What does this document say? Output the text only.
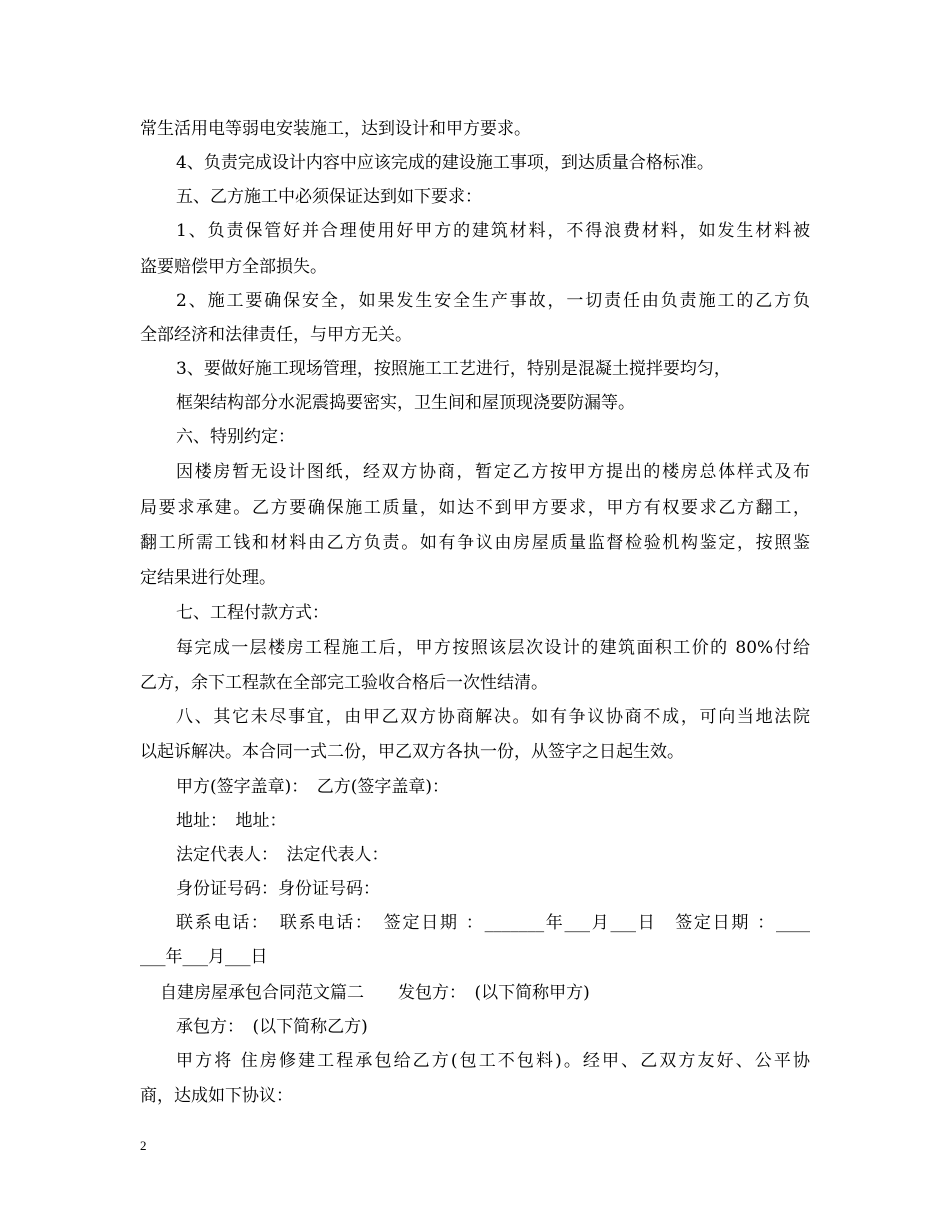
常生活用电等弱电安装施工，达到设计和甲方要求。
4、负责完成设计内容中应该完成的建设施工事项，到达质量合格标准。
五、乙方施工中必须保证达到如下要求：
1、负责保管好并合理使用好甲方的建筑材料，不得浪费材料，如发生材料被
盗要赔偿甲方全部损失。
2、施工要确保安全，如果发生安全生产事故，一切责任由负责施工的乙方负
全部经济和法律责任，与甲方无关。
3、要做好施工现场管理，按照施工工艺进行，特别是混凝土搅拌要均匀，
框架结构部分水泥震捣要密实，卫生间和屋顶现浇要防漏等。
六、特别约定：
因楼房暂无设计图纸，经双方协商，暂定乙方按甲方提出的楼房总体样式及布
局要求承建。乙方要确保施工质量，如达不到甲方要求，甲方有权要求乙方翻工，
翻工所需工钱和材料由乙方负责。如有争议由房屋质量监督检验机构鉴定，按照鉴
定结果进行处理。
七、工程付款方式：
每完成一层楼房工程施工后，甲方按照该层次设计的建筑面积工价的 80%付给
乙方，余下工程款在全部完工验收合格后一次性结清。
八、其它未尽事宜，由甲乙双方协商解决。如有争议协商不成，可向当地法院
以起诉解决。本合同一式二份，甲乙双方各执一份，从签字之日起生效。
甲方(签字盖章)：　乙方(签字盖章)：
地址：　地址：
法定代表人：　法定代表人：
身份证号码：身份证号码：
联系电话：　联系电话：　签定日期 ：_______年___月___日　签定日期 ：____
___年___月___日
自建房屋承包合同范文篇二　　发包方：　(以下简称甲方)
承包方：　(以下简称乙方)
甲方将 住房修建工程承包给乙方(包工不包料)。经甲、乙双方友好、公平协
商，达成如下协议：
2
